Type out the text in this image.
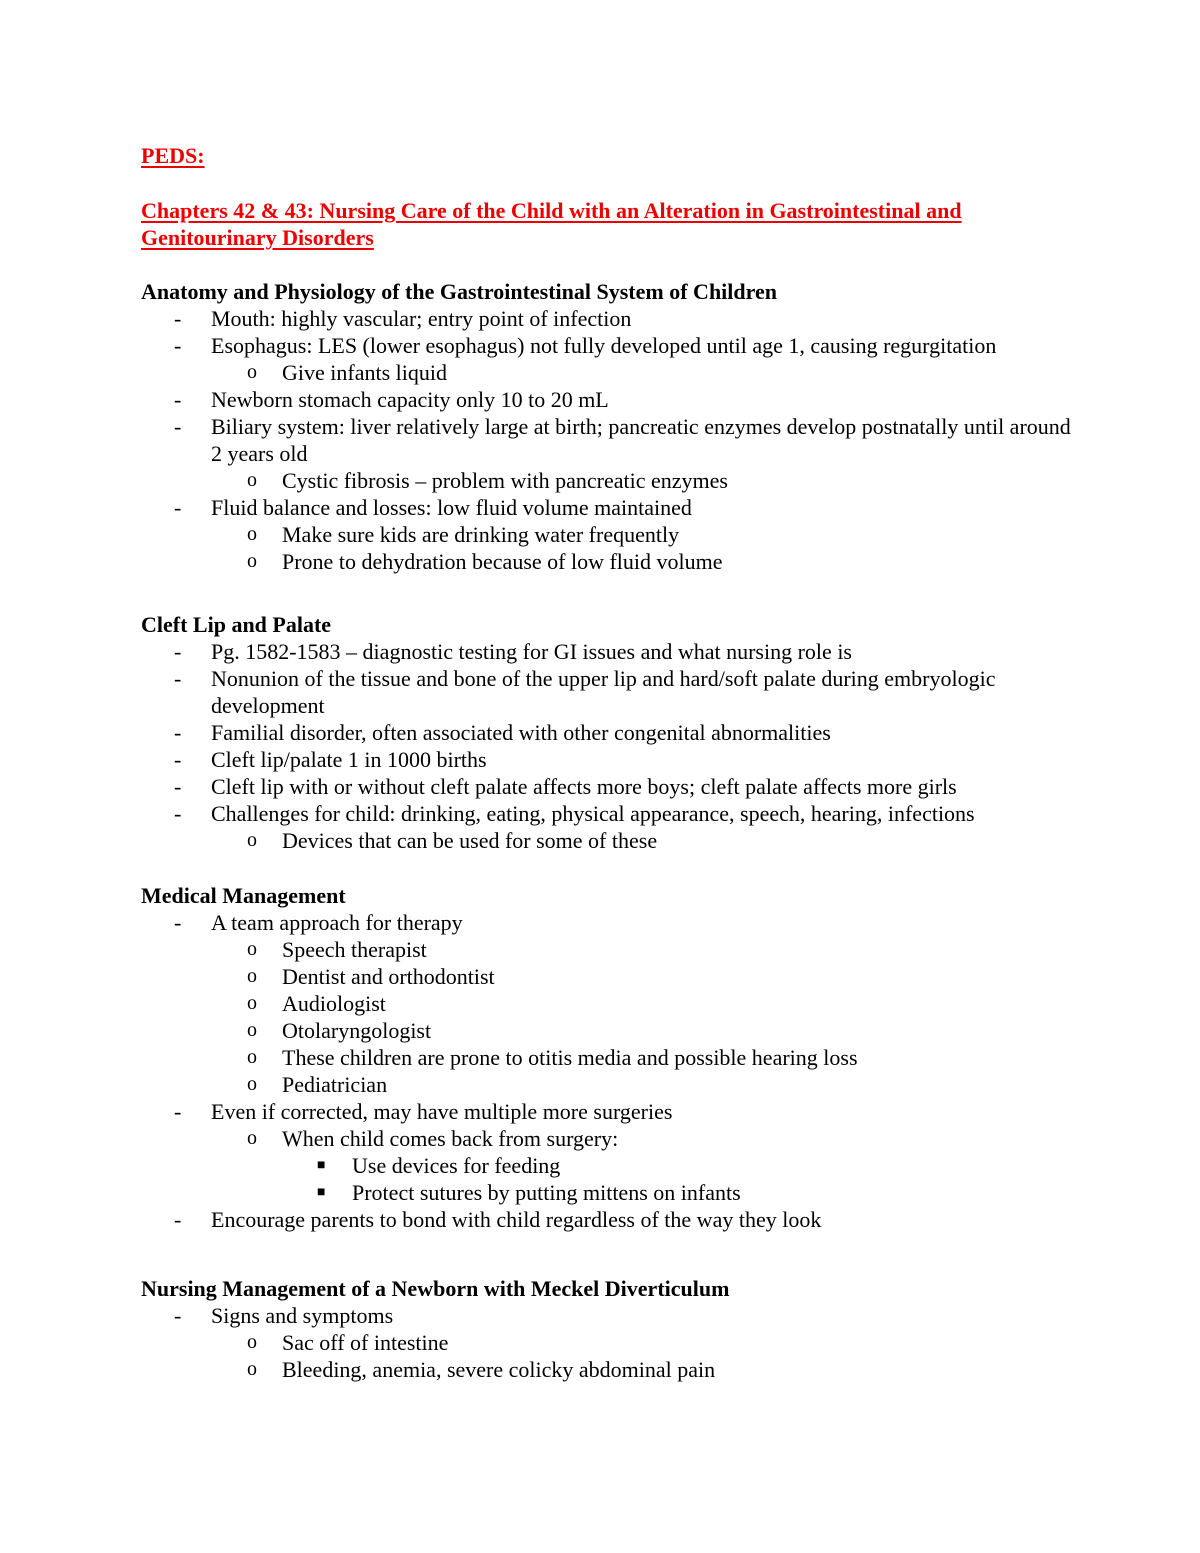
PEDS:
Chapters 42 & 43: Nursing Care of the Child with an Alteration in Gastrointestinal and Genitourinary Disorders
Anatomy and Physiology of the Gastrointestinal System of Children
- Mouth: highly vascular; entry point of infection
- Esophagus: LES (lower esophagus) not fully developed until age 1, causing regurgitation
o Give infants liquid
- Newborn stomach capacity only 10 to 20 mL
- Biliary system: liver relatively large at birth; pancreatic enzymes develop postnatally until around 2 years old
o Cystic fibrosis – problem with pancreatic enzymes
- Fluid balance and losses: low fluid volume maintained
o Make sure kids are drinking water frequently
o Prone to dehydration because of low fluid volume
Cleft Lip and Palate
- Pg. 1582-1583 – diagnostic testing for GI issues and what nursing role is
- Nonunion of the tissue and bone of the upper lip and hard/soft palate during embryologic development
- Familial disorder, often associated with other congenital abnormalities
- Cleft lip/palate 1 in 1000 births
- Cleft lip with or without cleft palate affects more boys; cleft palate affects more girls
- Challenges for child: drinking, eating, physical appearance, speech, hearing, infections
o Devices that can be used for some of these
Medical Management
- A team approach for therapy
o Speech therapist
o Dentist and orthodontist
o Audiologist
o Otolaryngologist
o These children are prone to otitis media and possible hearing loss
o Pediatrician
- Even if corrected, may have multiple more surgeries
o When child comes back from surgery:
■ Use devices for feeding
■ Protect sutures by putting mittens on infants
- Encourage parents to bond with child regardless of the way they look
Nursing Management of a Newborn with Meckel Diverticulum
- Signs and symptoms
o Sac off of intestine
o Bleeding, anemia, severe colicky abdominal pain
